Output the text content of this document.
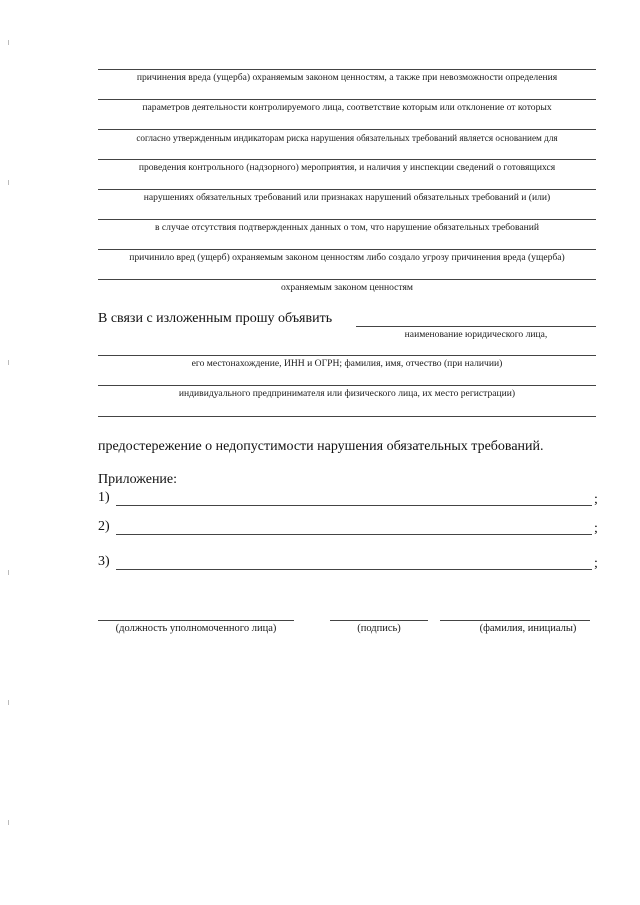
причинения вреда (ущерба) охраняемым законом ценностям, а также при невозможности определения
параметров деятельности контролируемого лица, соответствие которым или отклонение от которых
согласно утвержденным индикаторам риска нарушения обязательных требований является основанием для
проведения контрольного (надзорного) мероприятия, и наличия у инспекции сведений о готовящихся
нарушениях обязательных требований или признаках нарушений обязательных требований и (или)
в случае отсутствия подтвержденных данных о том, что нарушение обязательных требований
причинило вред (ущерб) охраняемым законом ценностям либо создало угрозу причинения вреда (ущерба)
охраняемым законом ценностям
В связи с изложенным прошу объявить
наименование юридического лица,
его местонахождение, ИНН и ОГРН; фамилия, имя, отчество (при наличии)
индивидуального предпринимателя или физического лица, их место регистрации)
предостережение о недопустимости нарушения обязательных требований.
Приложение:
1)	;
2)	;
3)	;
(должность уполномоченного лица)	(подпись)	(фамилия, инициалы)
